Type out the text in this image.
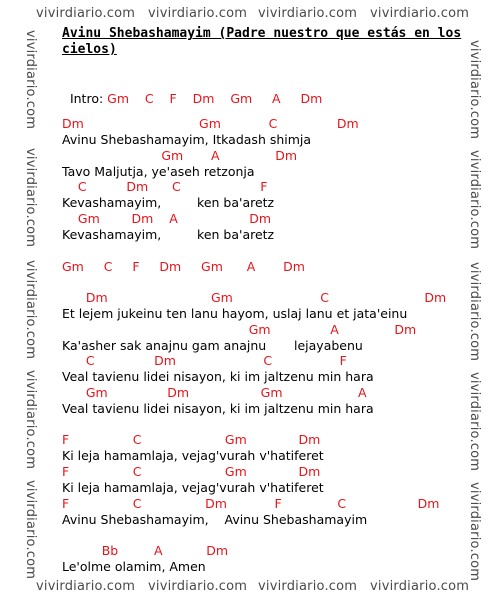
vivirdiario.com vivirdiario.com vivirdiario.com vivirdiario.com
vivirdiario.com vivirdiario.com vivirdiario.com vivirdiario.com
vivirdiario.com
vivirdiario.com
vivirdiario.com
vivirdiario.com
vivirdiario.com
vivirdiario.com
vivirdiario.com
vivirdiario.com
vivirdiario.com
vivirdiario.com
Avinu Shebashamayim (Padre nuestro que estás en los cielos)

Intro: Gm    C    F    Dm    Gm     A     Dm

Dm                             Gm            C               Dm
Avinu Shebashamayim, Itkadash shimja
Gm       A              Dm
Tavo Maljutja, ye'aseh retzonja
C          Dm      C                    F
Kevashamayim,         ken ba'aretz
Gm        Dm    A                  Dm
Kevashamayim,         ken ba'aretz
Gm     C     F     Dm     Gm      A       Dm
Dm                          Gm                      C                        Dm
Et lejem jukeinu ten lanu hayom, uslaj lanu et jata'einu
Gm               A              Dm
Ka'asher sak anajnu gam anajnu       lejayabenu
C               Dm                      C                 F
Veal tavienu lidei nisayon, ki im jaltzenu min hara
Gm               Dm                  Gm                   A
Veal tavienu lidei nisayon, ki im jaltzenu min hara
F                C                     Gm             Dm
Ki leja hamamlaja, vejag'vurah v'hatiferet
F                C                     Gm             Dm
Ki leja hamamlaja, vejag'vurah v'hatiferet
F                C                Dm            F              C                  Dm
Avinu Shebashamayim,    Avinu Shebashamayim
Bb         A           Dm
Le'olme olamim, Amen
